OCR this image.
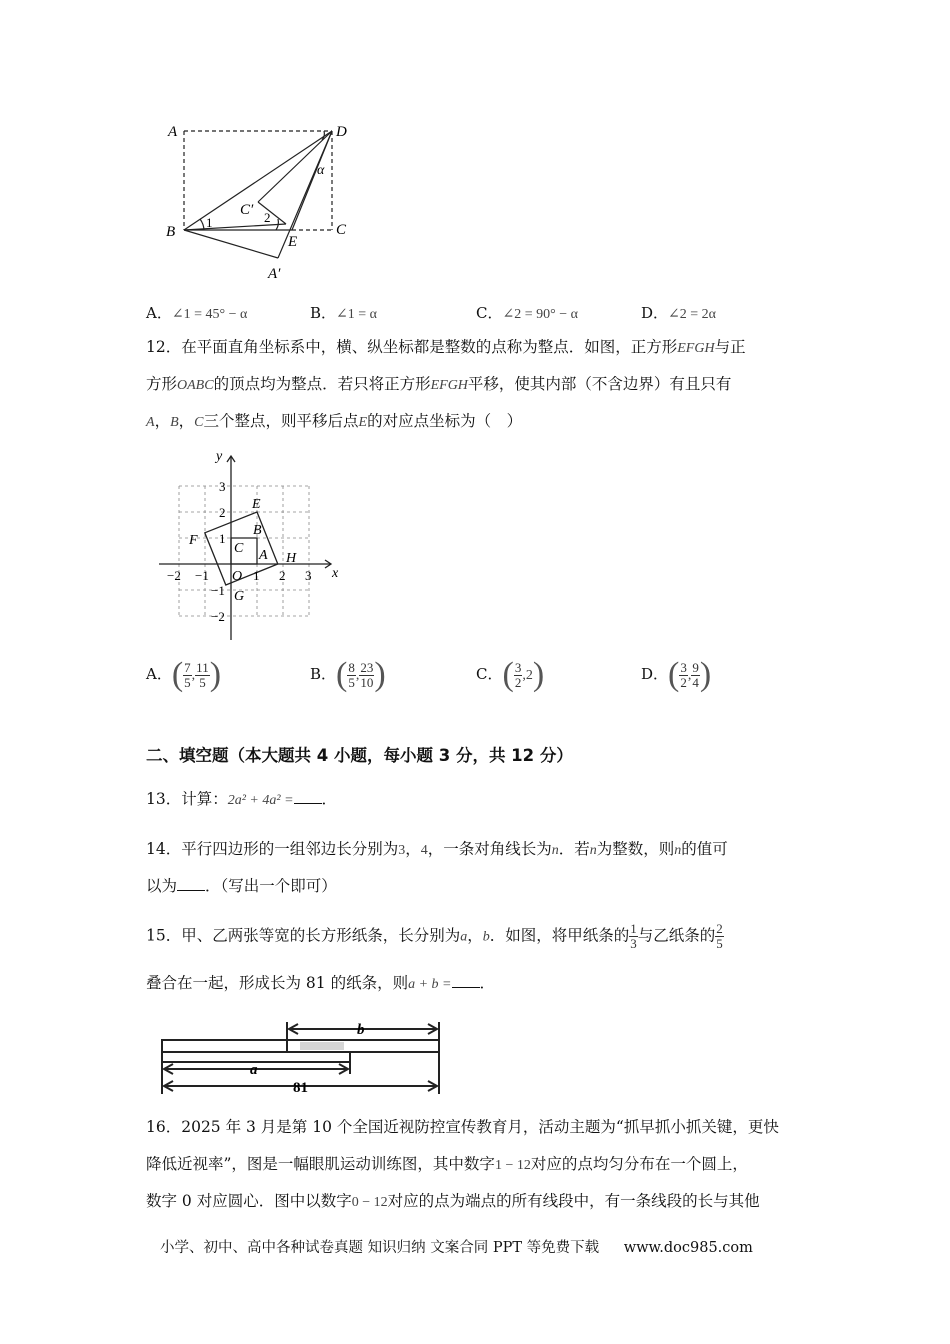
A	D
B	C
C′
E
A′
1	2
α
A．∠1 = 45° − α	B．∠1 = α	C．∠2 = 90° − α	D．∠2 = 2α
12．在平面直角坐标系中，横、纵坐标都是整数的点称为整点．如图，正方形EFGH与正
方形OABC的顶点均为整点．若只将正方形EFGH平移，使其内部（不含边界）有且只有
A，B，C三个整点，则平移后点E的对应点坐标为（　）
x
y
O
−2 −1	1 2 3
3
2
1
−1
−2
E
F
G
H
A
B
C
A．( $\frac{7}{5}$ , $\frac{11}{5}$ )	B．( $\frac{8}{5}$ , $\frac{23}{10}$ )	C．( $\frac{3}{2} ,2$)	D．( $\frac{3}{2}$ , $\frac{9}{4}$ )
二、填空题（本大题共 4 小题，每小题 3 分，共 12 分）
13．计算：2a² + 4a² = ．
14．平行四边形的一组邻边长分别为3，4，一条对角线长为n．若n为整数，则n的值可
以为 ．（写出一个即可）
15．甲、乙两张等宽的长方形纸条，长分别为a，b．如图，将甲纸条的 $\frac{1}{3}$ 与乙纸条的 $\frac{2}{5}$
叠合在一起，形成长为 81 的纸条，则a + b = ．
b
a
81
16．2025 年 3 月是第 10 个全国近视防控宣传教育月，活动主题为“抓早抓小抓关键，更快
降低近视率”，图是一幅眼肌运动训练图，其中数字1 − 12对应的点均匀分布在一个圆上，
数字 0 对应圆心．图中以数字0 − 12对应的点为端点的所有线段中，有一条线段的长与其他
小学、初中、高中各种试卷真题 知识归纳 文案合同 PPT 等免费下载 www.doc985.com
